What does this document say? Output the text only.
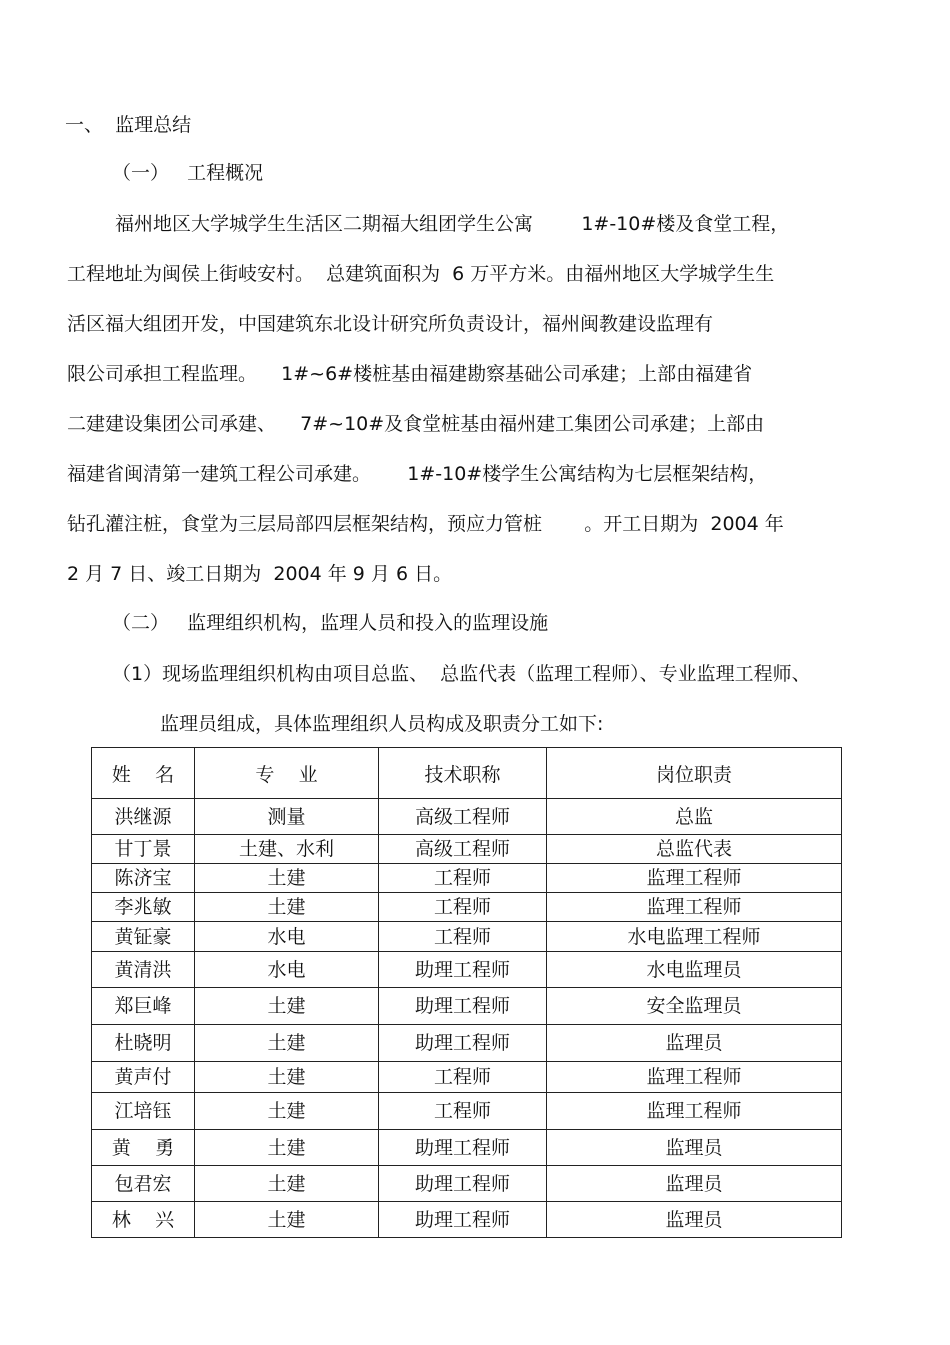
一、  监理总结
（一）   工程概况
福州地区大学城学生生活区二期福大组团学生公寓        1#-10#楼及食堂工程，
工程地址为闽侯上街岐安村。  总建筑面积为  6 万平方米。由福州地区大学城学生生
活区福大组团开发，中国建筑东北设计研究所负责设计，福州闽教建设监理有
限公司承担工程监理。    1#~6#楼桩基由福建勘察基础公司承建；上部由福建省
二建建设集团公司承建、    7#~10#及食堂桩基由福州建工集团公司承建；上部由
福建省闽清第一建筑工程公司承建。      1#-10#楼学生公寓结构为七层框架结构，
钻孔灌注桩，食堂为三层局部四层框架结构，预应力管桩       。开工日期为  2004 年
2 月 7 日、竣工日期为  2004 年 9 月 6 日。
（二）   监理组织机构，监理人员和投入的监理设施
（1）现场监理组织机构由项目总监、  总监代表（监理工程师）、专业监理工程师、
监理员组成，具体监理组织人员构成及职责分工如下:
姓    名	专    业	技术职称	岗位职责
洪继源	测量	高级工程师	总监
甘丁景	土建、水利	高级工程师	总监代表
陈济宝	土建	工程师	监理工程师
李兆敏	土建	工程师	监理工程师
黄钲豪	水电	工程师	水电监理工程师
黄清洪	水电	助理工程师	水电监理员
郑巨峰	土建	助理工程师	安全监理员
杜晓明	土建	助理工程师	监理员
黄声付	土建	工程师	监理工程师
江培钰	土建	工程师	监理工程师
黄    勇	土建	助理工程师	监理员
包君宏	土建	助理工程师	监理员
林    兴	土建	助理工程师	监理员
